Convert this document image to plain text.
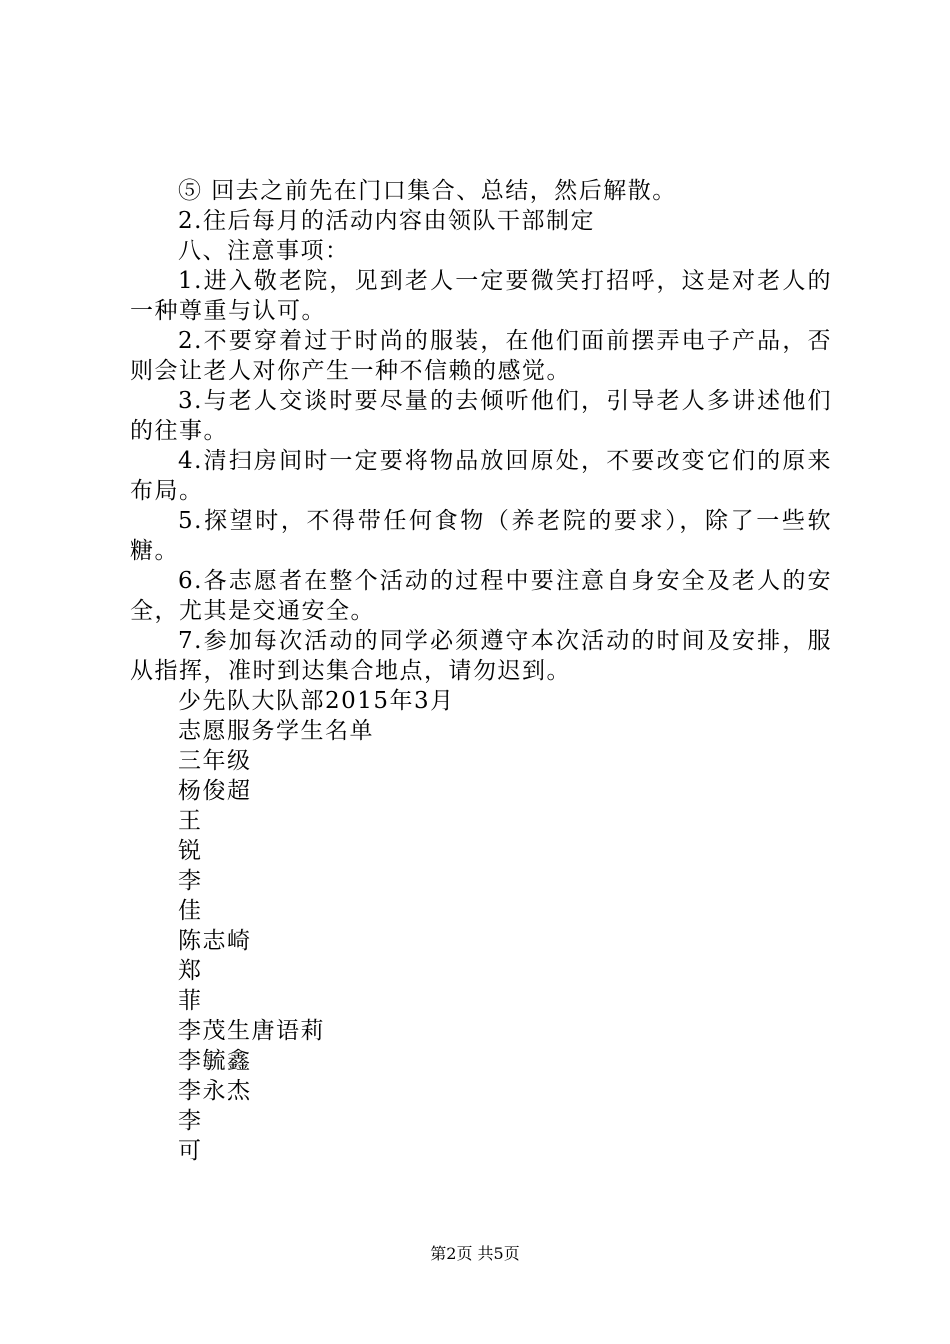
⑤ 回去之前先在门口集合、总结，然后解散。

2.往后每月的活动内容由领队干部制定

八、注意事项：

1.进入敬老院，见到老人一定要微笑打招呼，这是对老人的一种尊重与认可。

2.不要穿着过于时尚的服装，在他们面前摆弄电子产品，否则会让老人对你产生一种不信赖的感觉。

3.与老人交谈时要尽量的去倾听他们，引导老人多讲述他们的往事。

4.清扫房间时一定要将物品放回原处，不要改变它们的原来布局。

5.探望时，不得带任何食物（养老院的要求），除了一些软糖。

6.各志愿者在整个活动的过程中要注意自身安全及老人的安全，尤其是交通安全。

7.参加每次活动的同学必须遵守本次活动的时间及安排，服从指挥，准时到达集合地点，请勿迟到。

少先队大队部2015年3月

志愿服务学生名单

三年级

杨俊超

王

锐

李

佳

陈志崎

郑

菲

李茂生唐语莉

李毓鑫

李永杰

李

可

第2页 共5页
